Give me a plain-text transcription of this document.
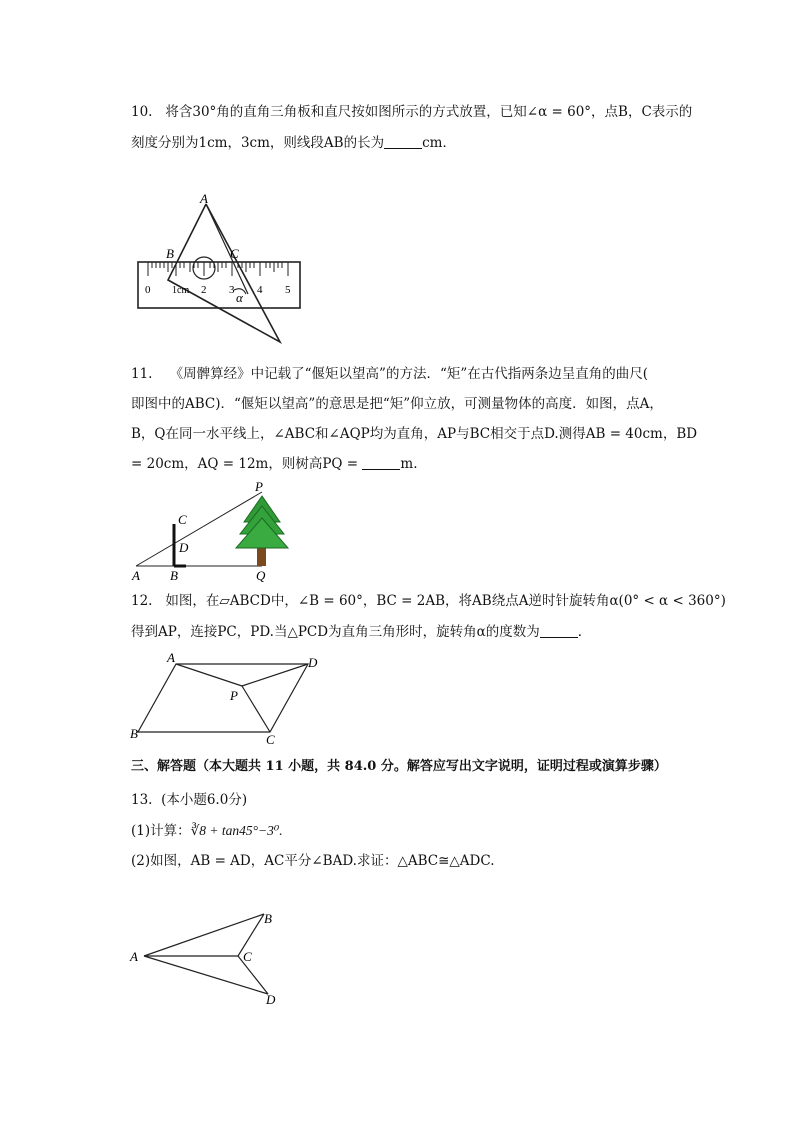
10. 将含30°角的直角三角板和直尺按如图所示的方式放置，已知∠α = 60°，点B，C表示的
刻度分别为1cm，3cm，则线段AB的长为	cm．
A
B	C
α
0 1cm 2 3 4 5
11. 《周髀算经》中记载了“偃矩以望高”的方法．“矩”在古代指两条边呈直角的曲尺(
即图中的ABC)．“偃矩以望高”的意思是把“矩”仰立放，可测量物体的高度．如图，点A，
B，Q在同一水平线上，∠ABC和∠AQP均为直角，AP与BC相交于点D.测得AB = 40cm，BD
= 20cm，AQ = 12m，则树高PQ =	m.
P
C
D
A B	Q
12. 如图，在▱ABCD中，∠B = 60°，BC = 2AB，将AB绕点A逆时针旋转角α(0° < α < 360°)
得到AP，连接PC，PD.当△PCD为直角三角形时，旋转角α的度数为	．
A	D
P
B	C
三、解答题（本大题共 11 小题，共 84.0 分。解答应写出文字说明，证明过程或演算步骤）
13. (本小题6.0分)
(1)计算：∛8 + tan45°−3⁰.
(2)如图，AB = AD，AC平分∠BAD.求证：△ABC≅△ADC.
A
B
C
D
